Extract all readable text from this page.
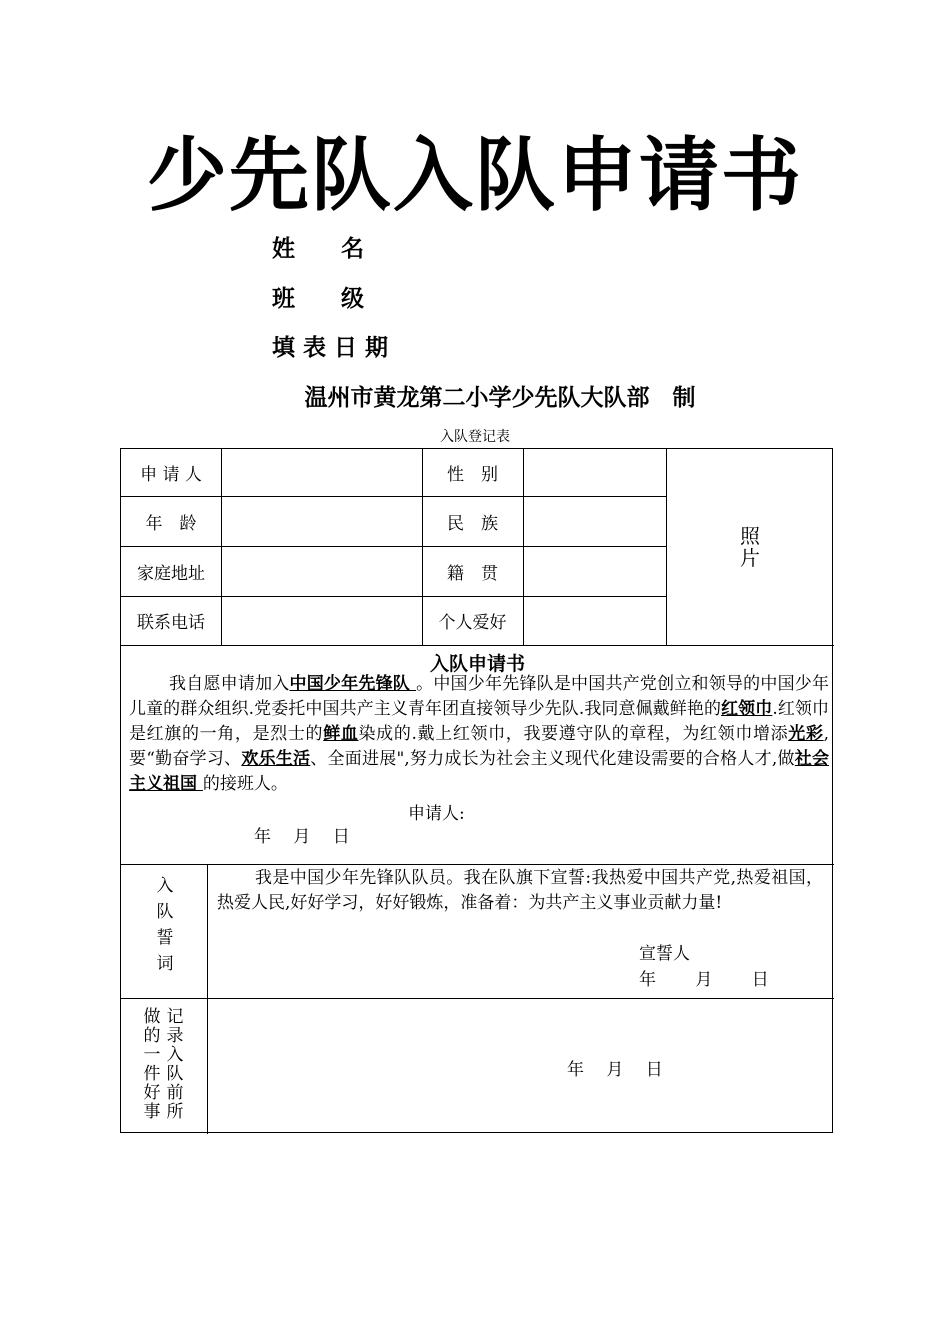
少先队入队申请书
姓　　名
班　　级
填 表 日 期
温州市黄龙第二小学少先队大队部　制
入队登记表
申 请 人	性　别
年　龄	民　族
家庭地址	籍　贯
联系电话	个人爱好
照
片
入队申请书
我自愿申请加入中国少年先锋队 。中国少年先锋队是中国共产党创立和领导的中国少年儿童的群众组织.党委托中国共产主义青年团直接领导少先队.我同意佩戴鲜艳的红领巾.红领巾是红旗的一角，是烈士的鲜血染成的.戴上红领巾，我要遵守队的章程，为红领巾增添光彩,要“勤奋学习、欢乐生活、全面进展",努力成长为社会主义现代化建设需要的合格人才,做社会主义祖国 的接班人。
申请人:
年　 月　 日
入队誓词
我是中国少年先锋队队员。我在队旗下宣誓:我热爱中国共产党,热爱祖国，热爱人民,好好学习，好好锻炼，准备着：为共产主义事业贡献力量!
宣誓人
年　　 月　　 日
记录入队前所
做的一件好事
年　 月　 日
